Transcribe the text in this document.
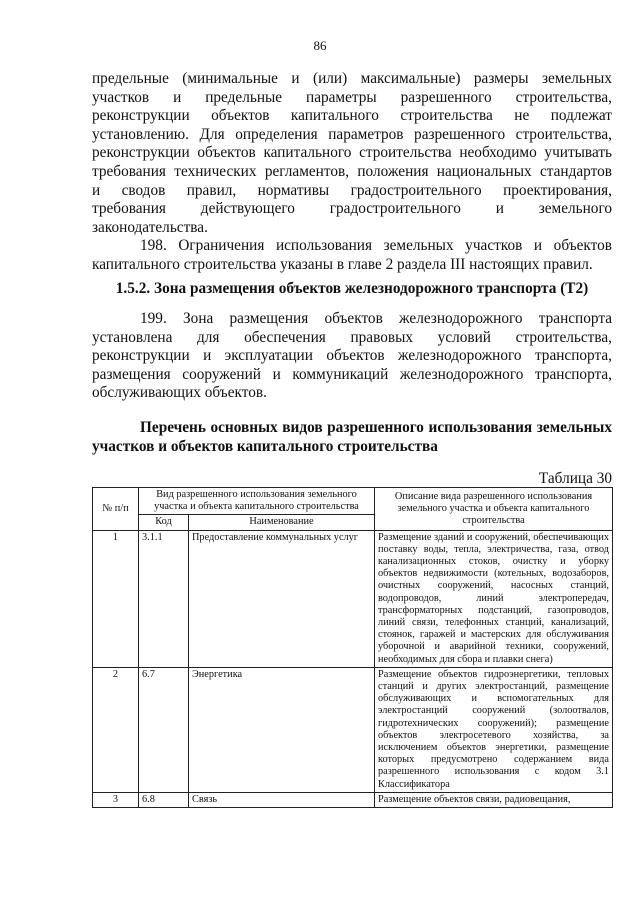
86
предельные (минимальные и (или) максимальные) размеры земельных
участков и предельные параметры разрешенного строительства,
реконструкции объектов капитального строительства не подлежат
установлению. Для определения параметров разрешенного строительства,
реконструкции объектов капитального строительства необходимо учитывать
требования технических регламентов, положения национальных стандартов
и сводов правил, нормативы градостроительного проектирования,
требования действующего градостроительного и земельного
законодательства.
198. Ограничения использования земельных участков и объектов
капитального строительства указаны в главе 2 раздела III настоящих правил.
1.5.2. Зона размещения объектов железнодорожного транспорта (Т2)
199. Зона размещения объектов железнодорожного транспорта
установлена для обеспечения правовых условий строительства,
реконструкции и эксплуатации объектов железнодорожного транспорта,
размещения сооружений и коммуникаций железнодорожного транспорта,
обслуживающих объектов.
Перечень основных видов разрешенного использования земельных
участков и объектов капитального строительства
Таблица 30
№ п/п	Вид разрешенного использования земельного участка и объекта капитального строительства		Описание вида разрешенного использования земельного участка и объекта капитального строительства
	Код	Наименование	
1	3.1.1	Предоставление коммунальных услуг	Размещение зданий и сооружений, обеспечивающих поставку воды, тепла, электричества, газа, отвод канализационных стоков, очистку и уборку объектов недвижимости (котельных, водозаборов, очистных сооружений, насосных станций, водопроводов, линий электропередач, трансформаторных подстанций, газопроводов, линий связи, телефонных станций, канализаций, стоянок, гаражей и мастерских для обслуживания уборочной и аварийной техники, сооружений, необходимых для сбора и плавки снега)
2	6.7	Энергетика	Размещение объектов гидроэнергетики, тепловых станций и других электростанций, размещение обслуживающих и вспомогательных для электростанций сооружений (золоотвалов, гидротехнических сооружений); размещение объектов электросетевого хозяйства, за исключением объектов энергетики, размещение которых предусмотрено содержанием вида разрешенного использования с кодом 3.1 Классификатора
3	6.8	Связь	Размещение объектов связи, радиовещания,
